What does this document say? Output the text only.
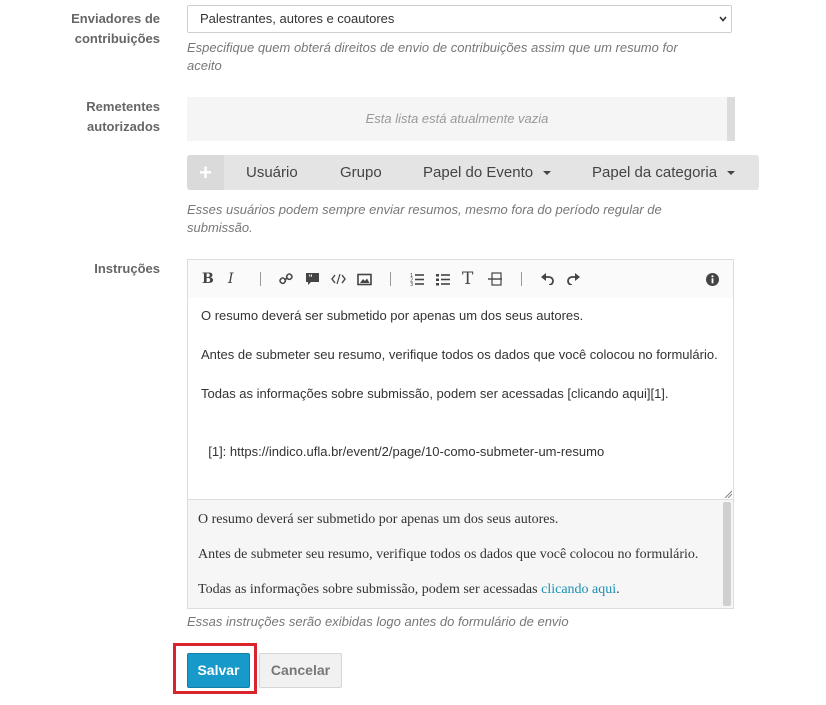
Enviadores de
contribuições
Palestrantes, autores e coautores
Especifique quem obterá direitos de envio de contribuições assim que um resumo for aceito
Remetentes
autorizados
Esta lista está atualmente vazia
+ Usuário	Grupo	Papel do Evento	Papel da categoria
Esses usuários podem sempre enviar resumos, mesmo fora do período regular de submissão.
Instruções
B I	"	1
2
3	T
O resumo deverá ser submetido por apenas um dos seus autores.
Antes de submeter seu resumo, verifique todos os dados que você colocou no formulário.
Todas as informações sobre submissão, podem ser acessadas [clicando aqui][1].
[1]: https://indico.ufla.br/event/2/page/10-como-submeter-um-resumo

O resumo deverá ser submetido por apenas um dos seus autores.

Antes de submeter seu resumo, verifique todos os dados que você colocou no formulário.

Todas as informações sobre submissão, podem ser acessadas clicando aqui.

Essas instruções serão exibidas logo antes do formulário de envio
Salvar	Cancelar
